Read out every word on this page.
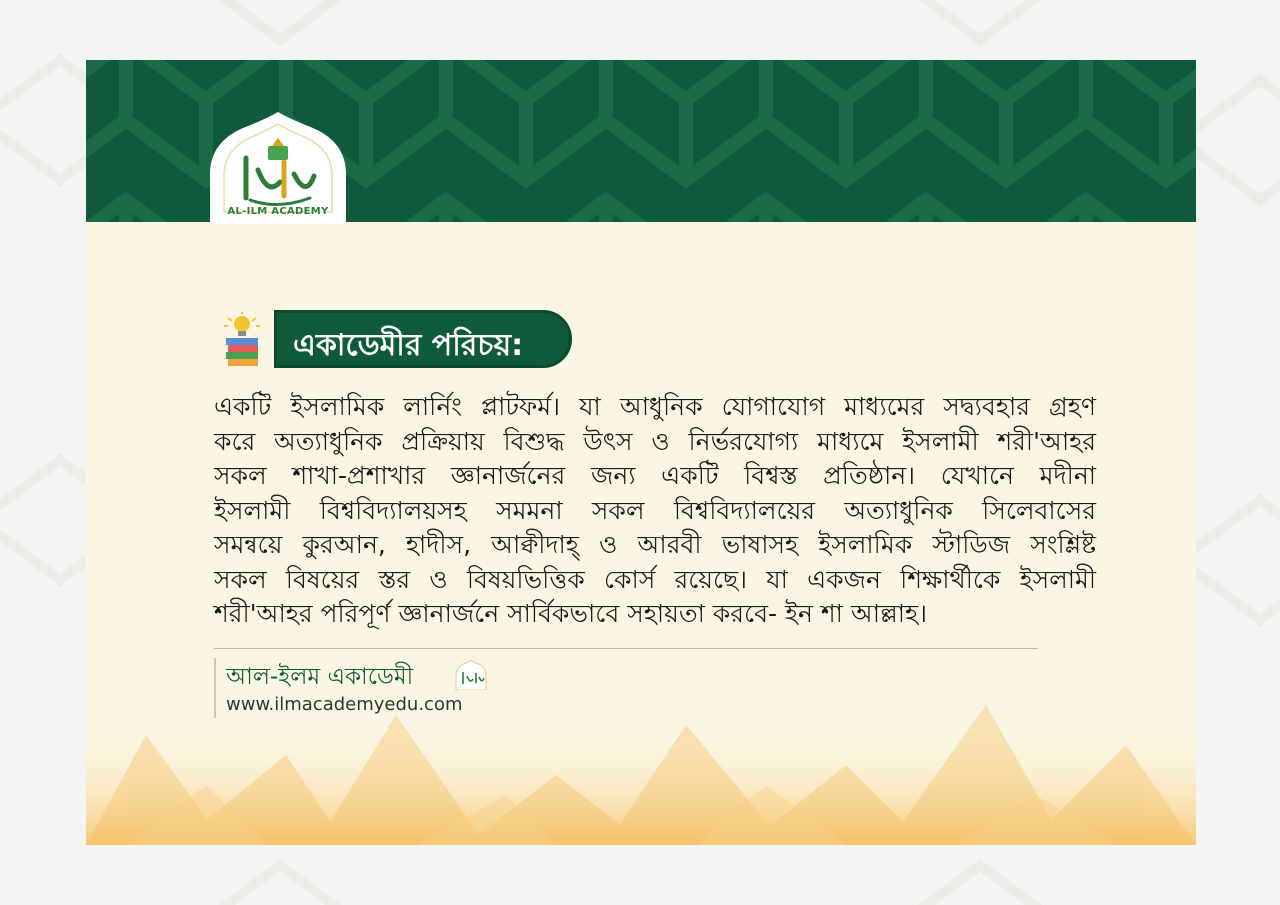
AL-ILM ACADEMY
একাডেমীর পরিচয়:
একটি ইসলামিক লার্নিং প্লাটফর্ম। যা আধুনিক যোগাযোগ মাধ্যমের সদ্ব্যবহার গ্রহণ
করে অত্যাধুনিক প্রক্রিয়ায় বিশুদ্ধ উৎস ও নির্ভরযোগ্য মাধ্যমে ইসলামী শরী'আহর
সকল শাখা-প্রশাখার জ্ঞানার্জনের জন্য একটি বিশ্বস্ত প্রতিষ্ঠান। যেখানে মদীনা
ইসলামী বিশ্ববিদ্যালয়সহ সমমনা সকল বিশ্ববিদ্যালয়ের অত্যাধুনিক সিলেবাসের
সমন্বয়ে কুরআন, হাদীস, আক্বীদাহ্ ও আরবী ভাষাসহ ইসলামিক স্টাডিজ সংশ্লিষ্ট
সকল বিষয়ের স্তর ও বিষয়ভিত্তিক কোর্স রয়েছে। যা একজন শিক্ষার্থীকে ইসলামী
শরী'আহর পরিপূর্ণ জ্ঞানার্জনে সার্বিকভাবে সহায়তা করবে- ইন শা আল্লাহ।
আল-ইলম একাডেমী
www.ilmacademyedu.com
